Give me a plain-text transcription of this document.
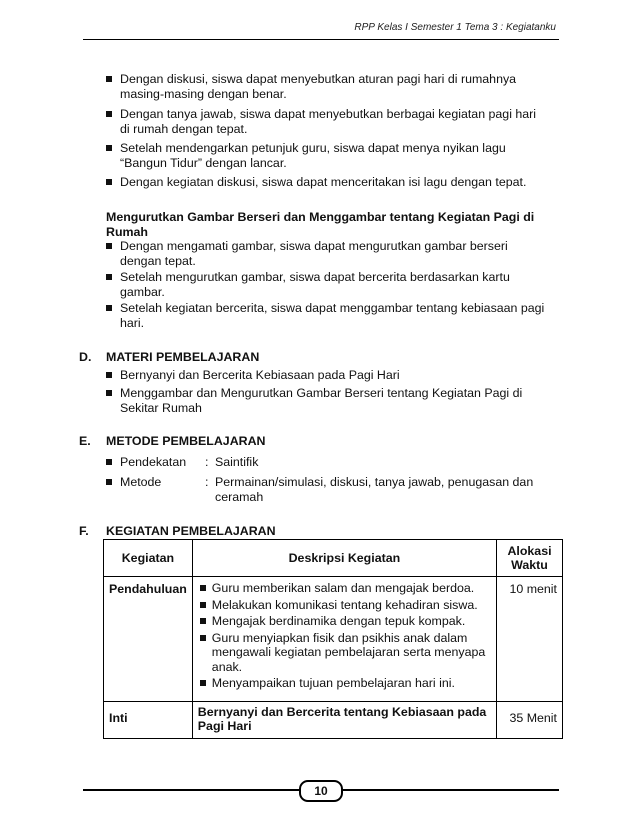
RPP Kelas I Semester 1 Tema 3 : Kegiatanku
Dengan diskusi, siswa dapat menyebutkan aturan pagi hari di rumahnya masing-masing dengan benar.
Dengan tanya jawab, siswa dapat menyebutkan berbagai kegiatan pagi hari di rumah dengan tepat.
Setelah mendengarkan petunjuk guru, siswa dapat menya nyikan lagu “Bangun Tidur” dengan lancar.
Dengan kegiatan diskusi, siswa dapat menceritakan isi lagu dengan tepat.
Mengurutkan Gambar Berseri dan Menggambar tentang Kegiatan Pagi di Rumah
Dengan mengamati gambar, siswa dapat mengurutkan gambar berseri dengan tepat.
Setelah mengurutkan gambar, siswa dapat bercerita berdasarkan kartu gambar.
Setelah kegiatan bercerita, siswa dapat menggambar tentang kebiasaan pagi hari.
D. MATERI PEMBELAJARAN
Bernyanyi dan Bercerita Kebiasaan pada Pagi Hari
Menggambar dan Mengurutkan Gambar Berseri tentang Kegiatan Pagi di Sekitar Rumah
E. METODE PEMBELAJARAN
Pendekatan : Saintifik
Metode	: Permainan/simulasi, diskusi, tanya jawab, penugasan dan ceramah
F. KEGIATAN PEMBELAJARAN
Kegiatan	Deskripsi Kegiatan	Alokasi Waktu
Pendahuluan	Guru memberikan salam dan mengajak berdoa.
Melakukan komunikasi tentang kehadiran siswa.
Mengajak berdinamika dengan tepuk kompak.
Guru menyiapkan fisik dan psikhis anak dalam mengawali kegiatan pembelajaran serta menyapa anak.
Menyampaikan tujuan pembelajaran hari ini.	10 menit
Inti	Bernyanyi dan Bercerita tentang Kebiasaan pada Pagi Hari	35 Menit
10
